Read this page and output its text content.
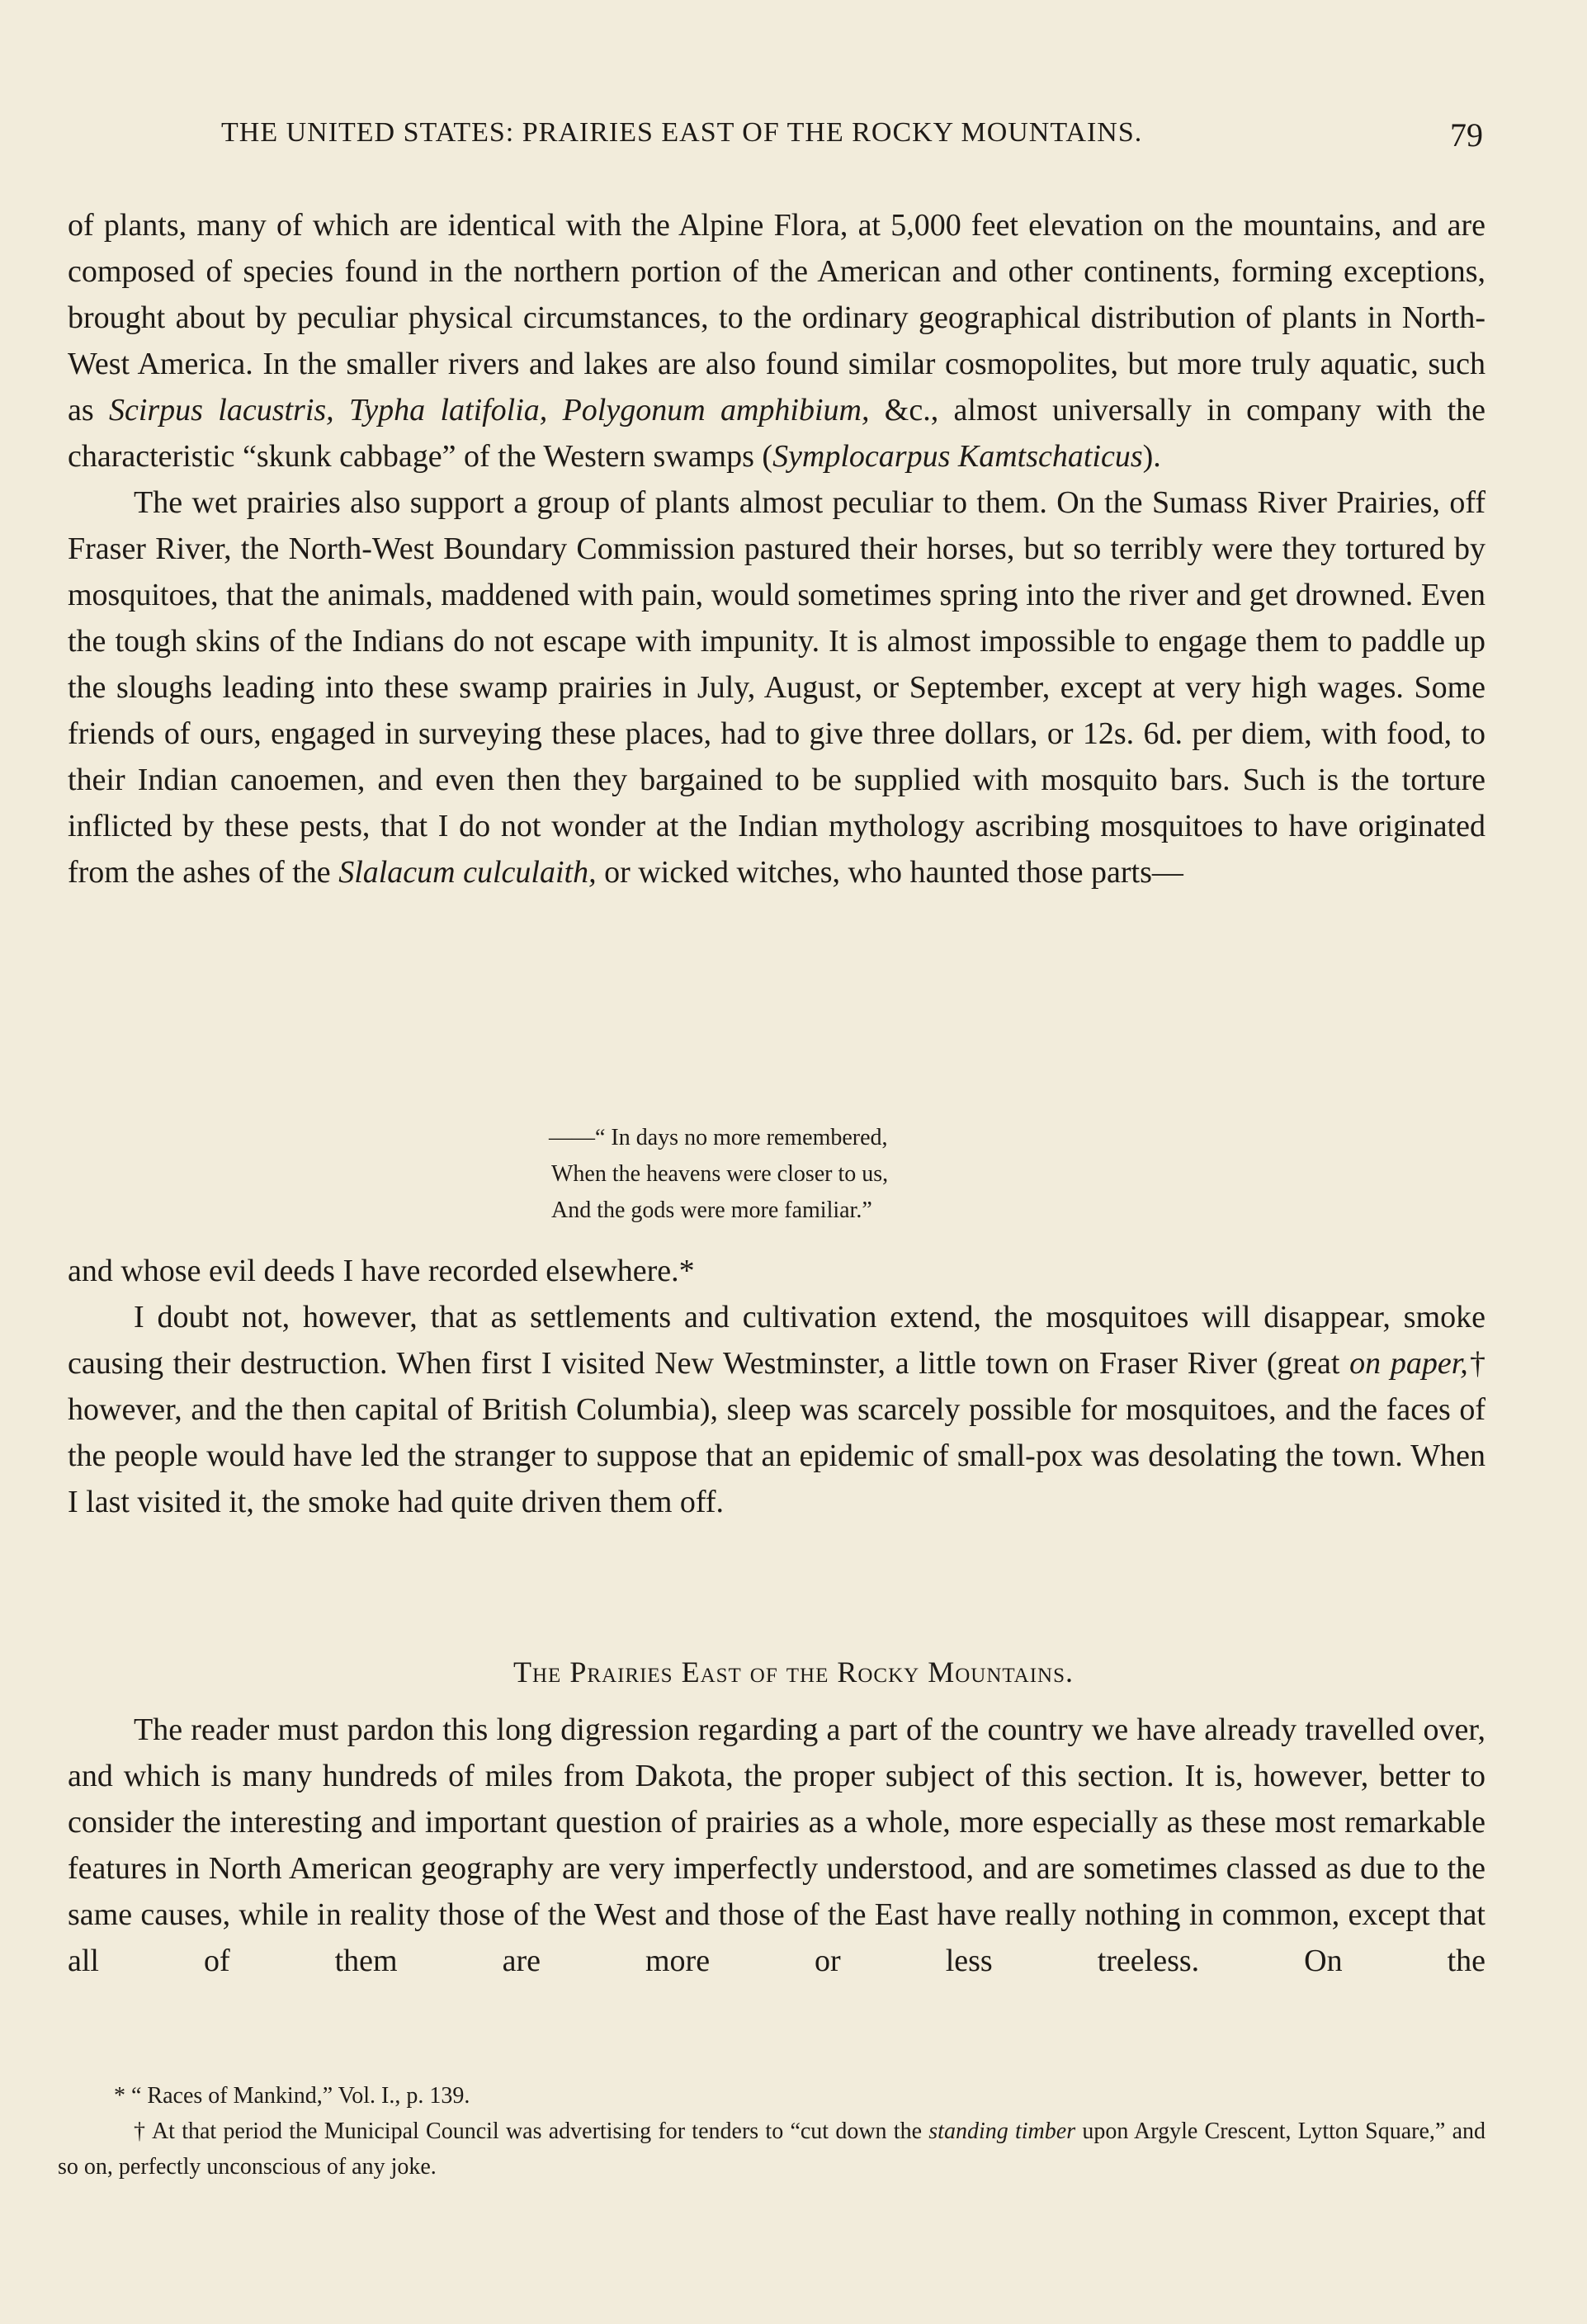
THE UNITED STATES: PRAIRIES EAST OF THE ROCKY MOUNTAINS.	79

of plants, many of which are identical with the Alpine Flora, at 5,000 feet elevation on the mountains, and are composed of species found in the northern portion of the American and other continents, forming exceptions, brought about by peculiar physical circumstances, to the ordinary geographical distribution of plants in North-West America. In the smaller rivers and lakes are also found similar cosmopolites, but more truly aquatic, such as Scirpus lacustris, Typha latifolia, Polygonum amphibium, &c., almost universally in company with the characteristic “skunk cabbage” of the Western swamps (Symplocarpus Kamtschaticus).

The wet prairies also support a group of plants almost peculiar to them. On the Sumass River Prairies, off Fraser River, the North-West Boundary Commission pastured their horses, but so terribly were they tortured by mosquitoes, that the animals, maddened with pain, would sometimes spring into the river and get drowned. Even the tough skins of the Indians do not escape with impunity. It is almost impossible to engage them to paddle up the sloughs leading into these swamp prairies in July, August, or September, except at very high wages. Some friends of ours, engaged in surveying these places, had to give three dollars, or 12s. 6d. per diem, with food, to their Indian canoemen, and even then they bargained to be supplied with mosquito bars. Such is the torture inflicted by these pests, that I do not wonder at the Indian mythology ascribing mosquitoes to have originated from the ashes of the Slalacum culculaith, or wicked witches, who haunted those parts—

——“ In days no more remembered,
When the heavens were closer to us,
And the gods were more familiar.”

and whose evil deeds I have recorded elsewhere.*

I doubt not, however, that as settlements and cultivation extend, the mosquitoes will disappear, smoke causing their destruction. When first I visited New Westminster, a little town on Fraser River (great on paper,† however, and the then capital of British Columbia), sleep was scarcely possible for mosquitoes, and the faces of the people would have led the stranger to suppose that an epidemic of small-pox was desolating the town. When I last visited it, the smoke had quite driven them off.

The Prairies East of the Rocky Mountains.

The reader must pardon this long digression regarding a part of the country we have already travelled over, and which is many hundreds of miles from Dakota, the proper subject of this section. It is, however, better to consider the interesting and important question of prairies as a whole, more especially as these most remarkable features in North American geography are very imperfectly understood, and are sometimes classed as due to the same causes, while in reality those of the West and those of the East have really nothing in common, except that all of them are more or less treeless. On the

* “ Races of Mankind,” Vol. I., p. 139.

† At that period the Municipal Council was advertising for tenders to “cut down the standing timber upon Argyle Crescent, Lytton Square,” and so on, perfectly unconscious of any joke.
